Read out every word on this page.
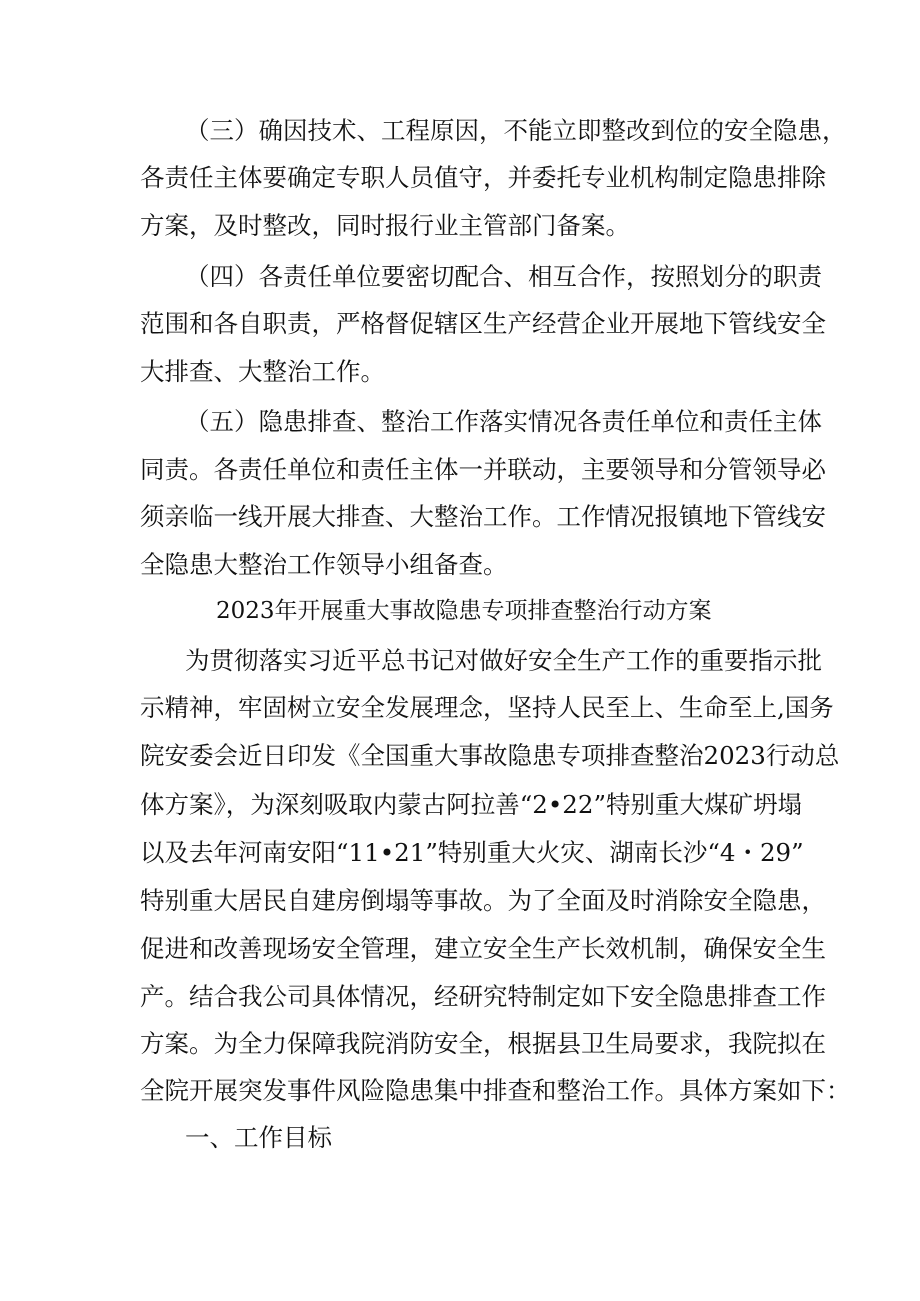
（三）确因技术、工程原因，不能立即整改到位的安全隐患，
各责任主体要确定专职人员值守，并委托专业机构制定隐患排除
方案，及时整改，同时报行业主管部门备案。
（四）各责任单位要密切配合、相互合作，按照划分的职责
范围和各自职责，严格督促辖区生产经营企业开展地下管线安全
大排查、大整治工作。
（五）隐患排查、整治工作落实情况各责任单位和责任主体
同责。各责任单位和责任主体一并联动，主要领导和分管领导必
须亲临一线开展大排查、大整治工作。工作情况报镇地下管线安
全隐患大整治工作领导小组备查。
2023年开展重大事故隐患专项排查整治行动方案
为贯彻落实习近平总书记对做好安全生产工作的重要指示批
示精神，牢固树立安全发展理念，坚持人民至上、生命至上,国务
院安委会近日印发《全国重大事故隐患专项排查整治2023行动总
体方案》，为深刻吸取内蒙古阿拉善“2•22”特别重大煤矿坍塌
以及去年河南安阳“11•21”特别重大火灾、湖南长沙“4・29”
特别重大居民自建房倒塌等事故。为了全面及时消除安全隐患，
促进和改善现场安全管理，建立安全生产长效机制，确保安全生
产。结合我公司具体情况，经研究特制定如下安全隐患排查工作
方案。为全力保障我院消防安全，根据县卫生局要求，我院拟在
全院开展突发事件风险隐患集中排查和整治工作。具体方案如下：
一、工作目标
